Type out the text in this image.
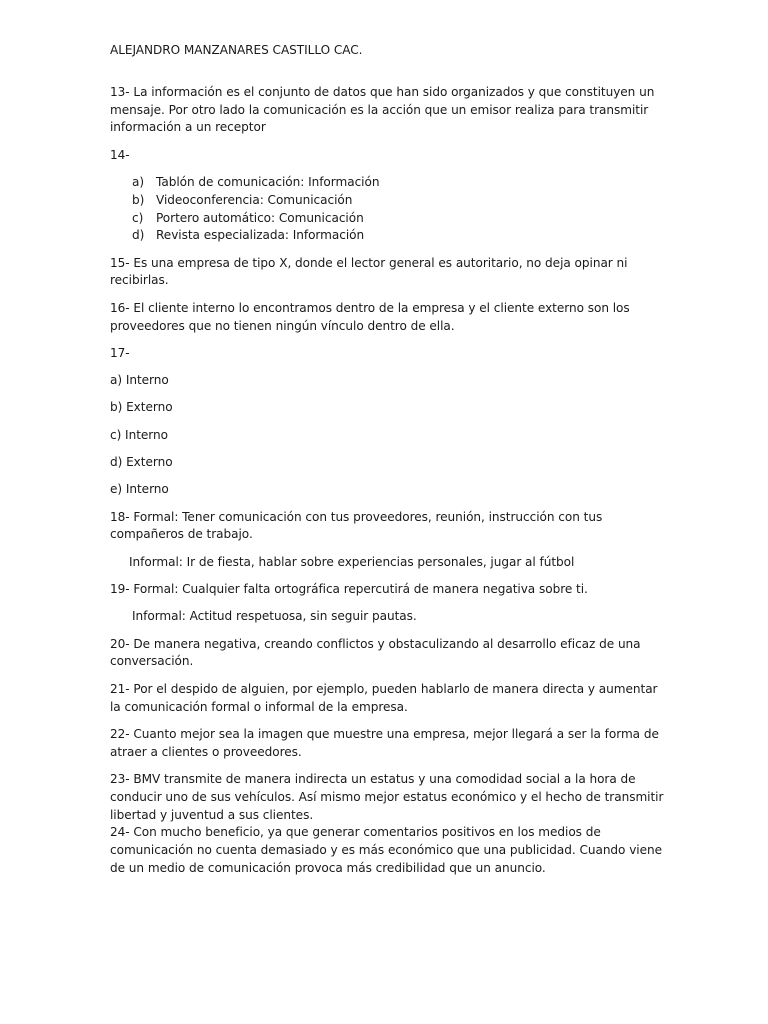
ALEJANDRO MANZANARES CASTILLO CAC.

13- La información es el conjunto de datos que han sido organizados y que constituyen un mensaje. Por otro lado la comunicación es la acción que un emisor realiza para transmitir información a un receptor

14-

a) Tablón de comunicación: Información
b) Videoconferencia: Comunicación
c) Portero automático: Comunicación
d) Revista especializada: Información

15- Es una empresa de tipo X, donde el lector general es autoritario, no deja opinar ni recibirlas.

16- El cliente interno lo encontramos dentro de la empresa y el cliente externo son los proveedores que no tienen ningún vínculo dentro de ella.

17-

a) Interno

b) Externo

c) Interno

d) Externo

e) Interno

18- Formal: Tener comunicación con tus proveedores, reunión, instrucción con tus compañeros de trabajo.

Informal: Ir de fiesta, hablar sobre experiencias personales, jugar al fútbol

19- Formal: Cualquier falta ortográfica repercutirá de manera negativa sobre ti.

Informal: Actitud respetuosa, sin seguir pautas.

20- De manera negativa, creando conflictos y obstaculizando al desarrollo eficaz de una conversación.

21- Por el despido de alguien, por ejemplo, pueden hablarlo de manera directa y aumentar la comunicación formal o informal de la empresa.

22- Cuanto mejor sea la imagen que muestre una empresa, mejor llegará a ser la forma de atraer a clientes o proveedores.

23- BMV transmite de manera indirecta un estatus y una comodidad social a la hora de conducir uno de sus vehículos. Así mismo mejor estatus económico y el hecho de transmitir libertad y juventud a sus clientes.

24- Con mucho beneficio, ya que generar comentarios positivos en los medios de comunicación no cuenta demasiado y es más económico que una publicidad. Cuando viene de un medio de comunicación provoca más credibilidad que un anuncio.
